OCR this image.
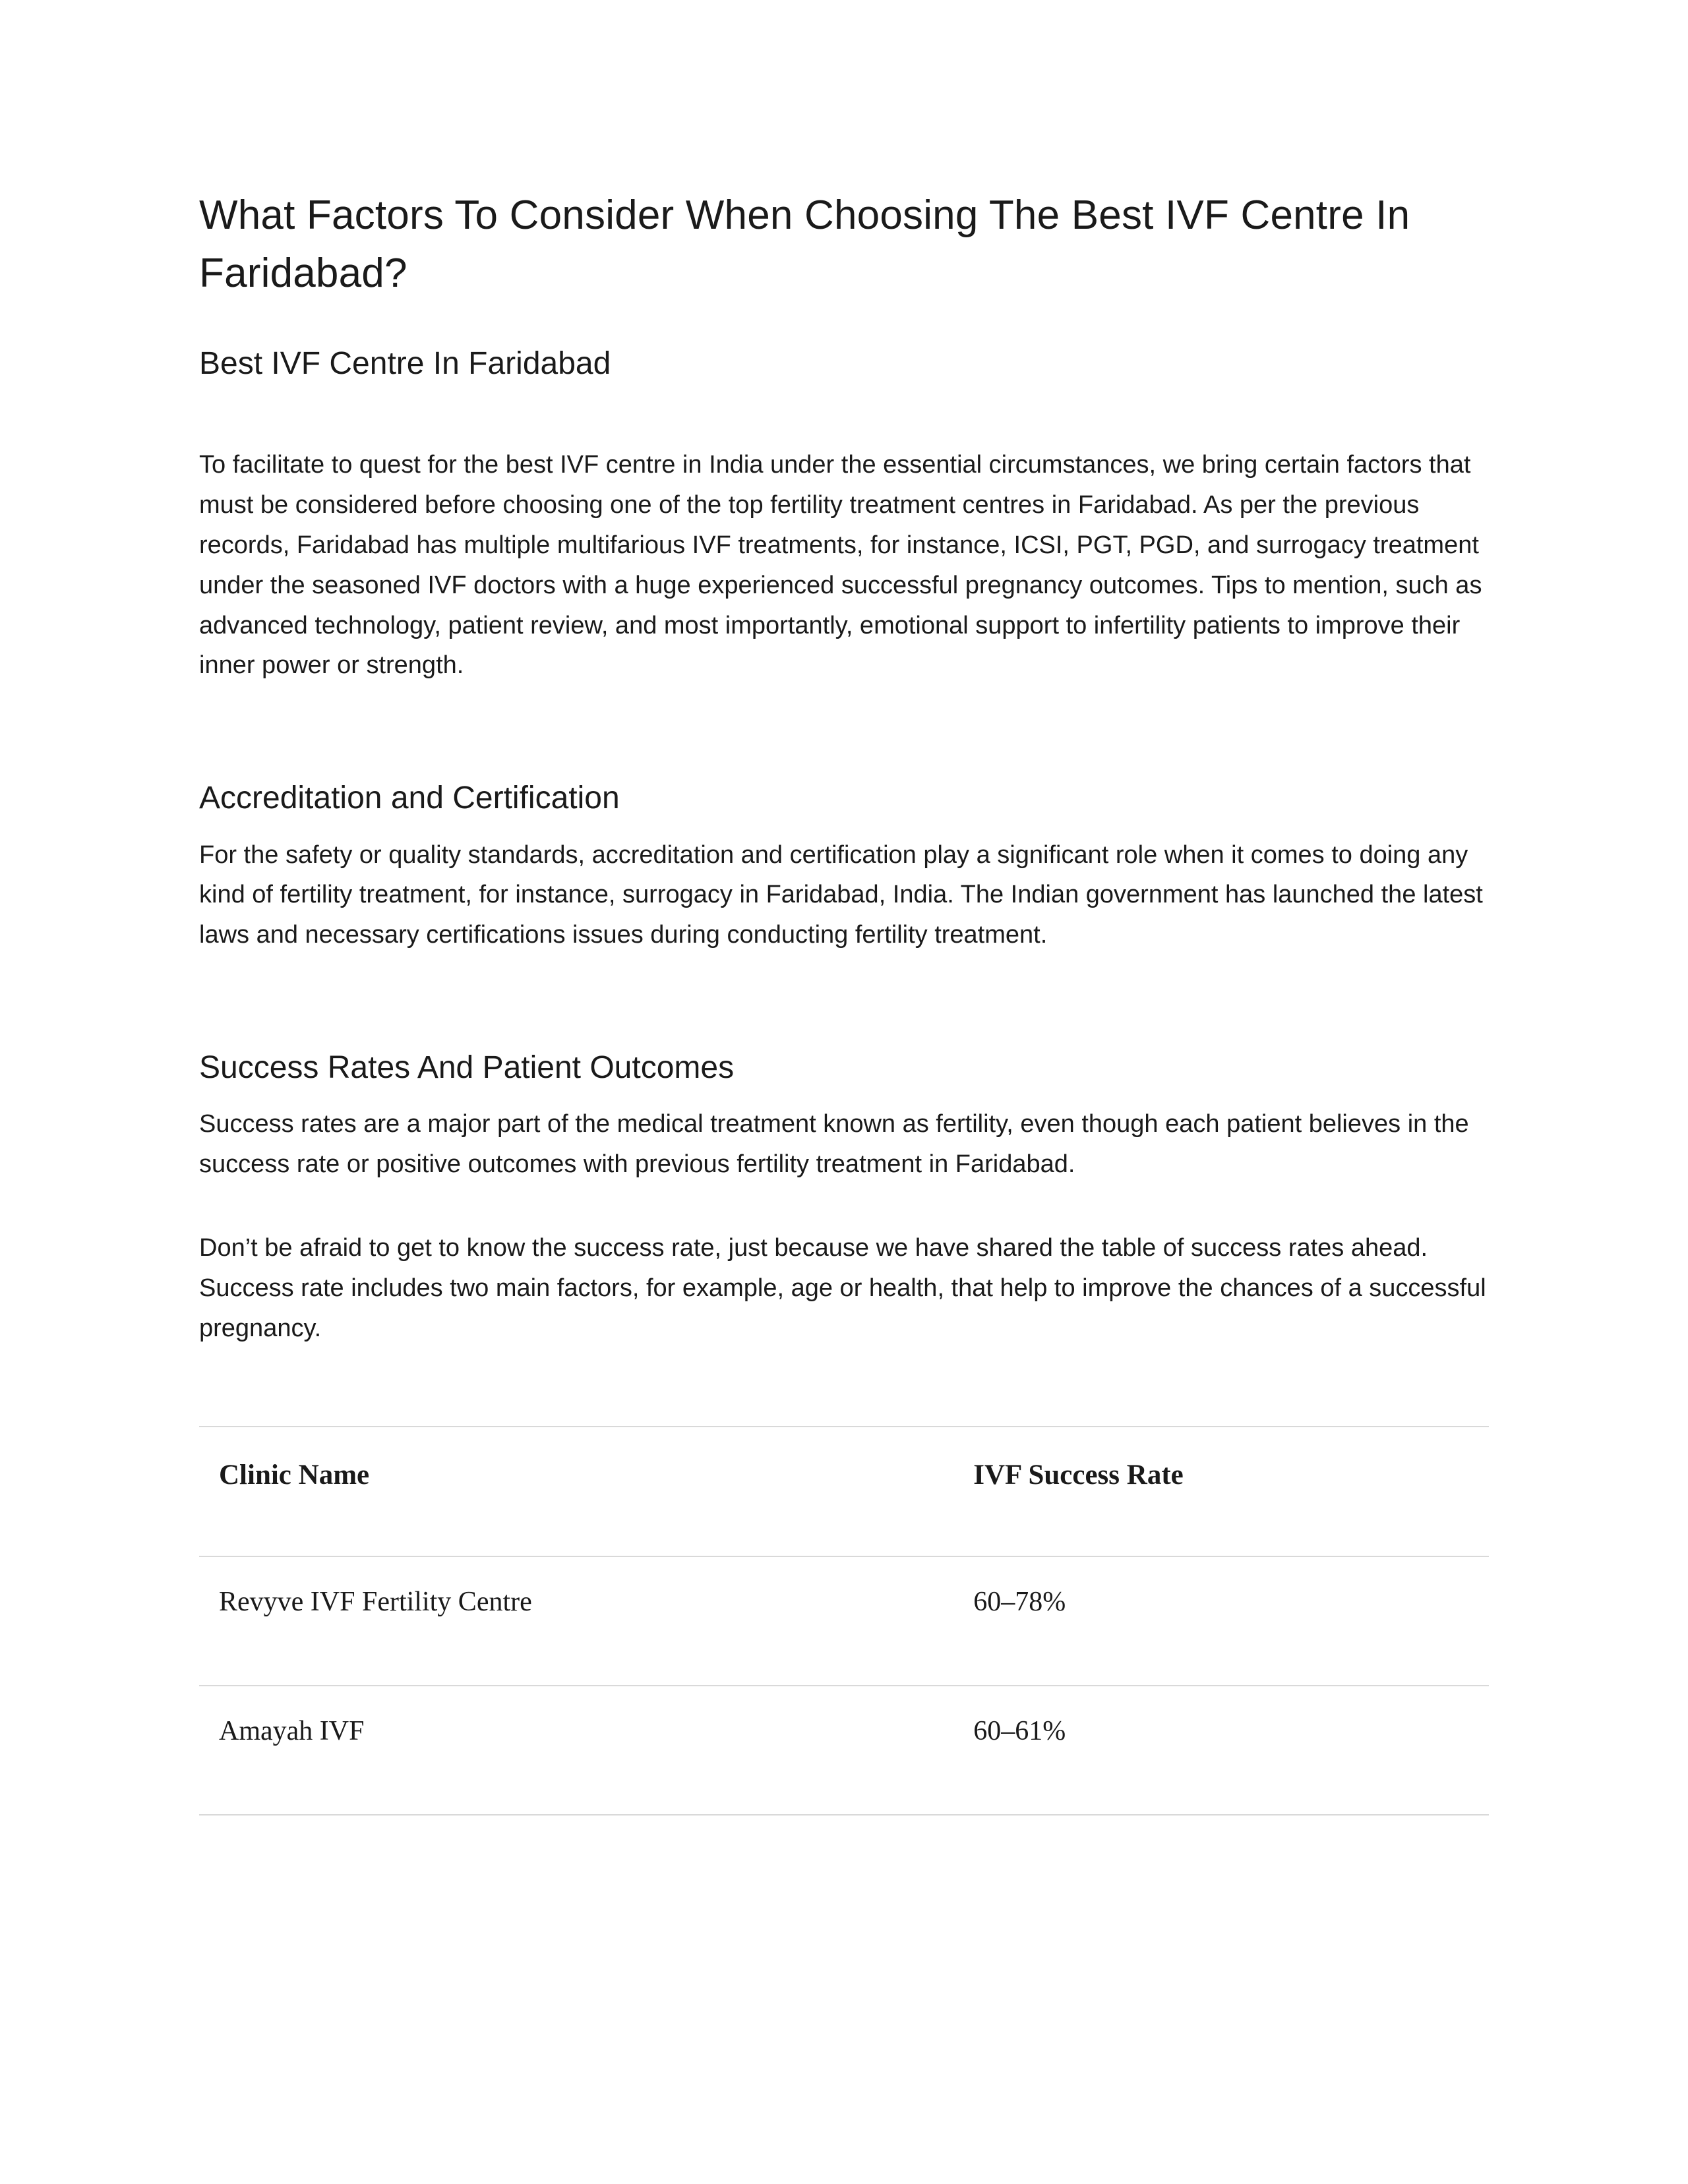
What Factors To Consider When Choosing The Best IVF Centre In Faridabad?
Best IVF Centre In Faridabad

To facilitate to quest for the best IVF centre in India under the essential circumstances, we bring certain factors that must be considered before choosing one of the top fertility treatment centres in Faridabad. As per the previous records, Faridabad has multiple multifarious IVF treatments, for instance, ICSI, PGT, PGD, and surrogacy treatment under the seasoned IVF doctors with a huge experienced successful pregnancy outcomes. Tips to mention, such as advanced technology, patient review, and most importantly, emotional support to infertility patients to improve their inner power or strength.

Accreditation and Certification

For the safety or quality standards, accreditation and certification play a significant role when it comes to doing any kind of fertility treatment, for instance, surrogacy in Faridabad, India. The Indian government has launched the latest laws and necessary certifications issues during conducting fertility treatment.

Success Rates And Patient Outcomes

Success rates are a major part of the medical treatment known as fertility, even though each patient believes in the success rate or positive outcomes with previous fertility treatment in Faridabad.

Don’t be afraid to get to know the success rate, just because we have shared the table of success rates ahead. Success rate includes two main factors, for example, age or health, that help to improve the chances of a successful pregnancy.

Clinic Name	IVF Success Rate
Revyve IVF Fertility Centre	60–78%
Amayah IVF	60–61%
